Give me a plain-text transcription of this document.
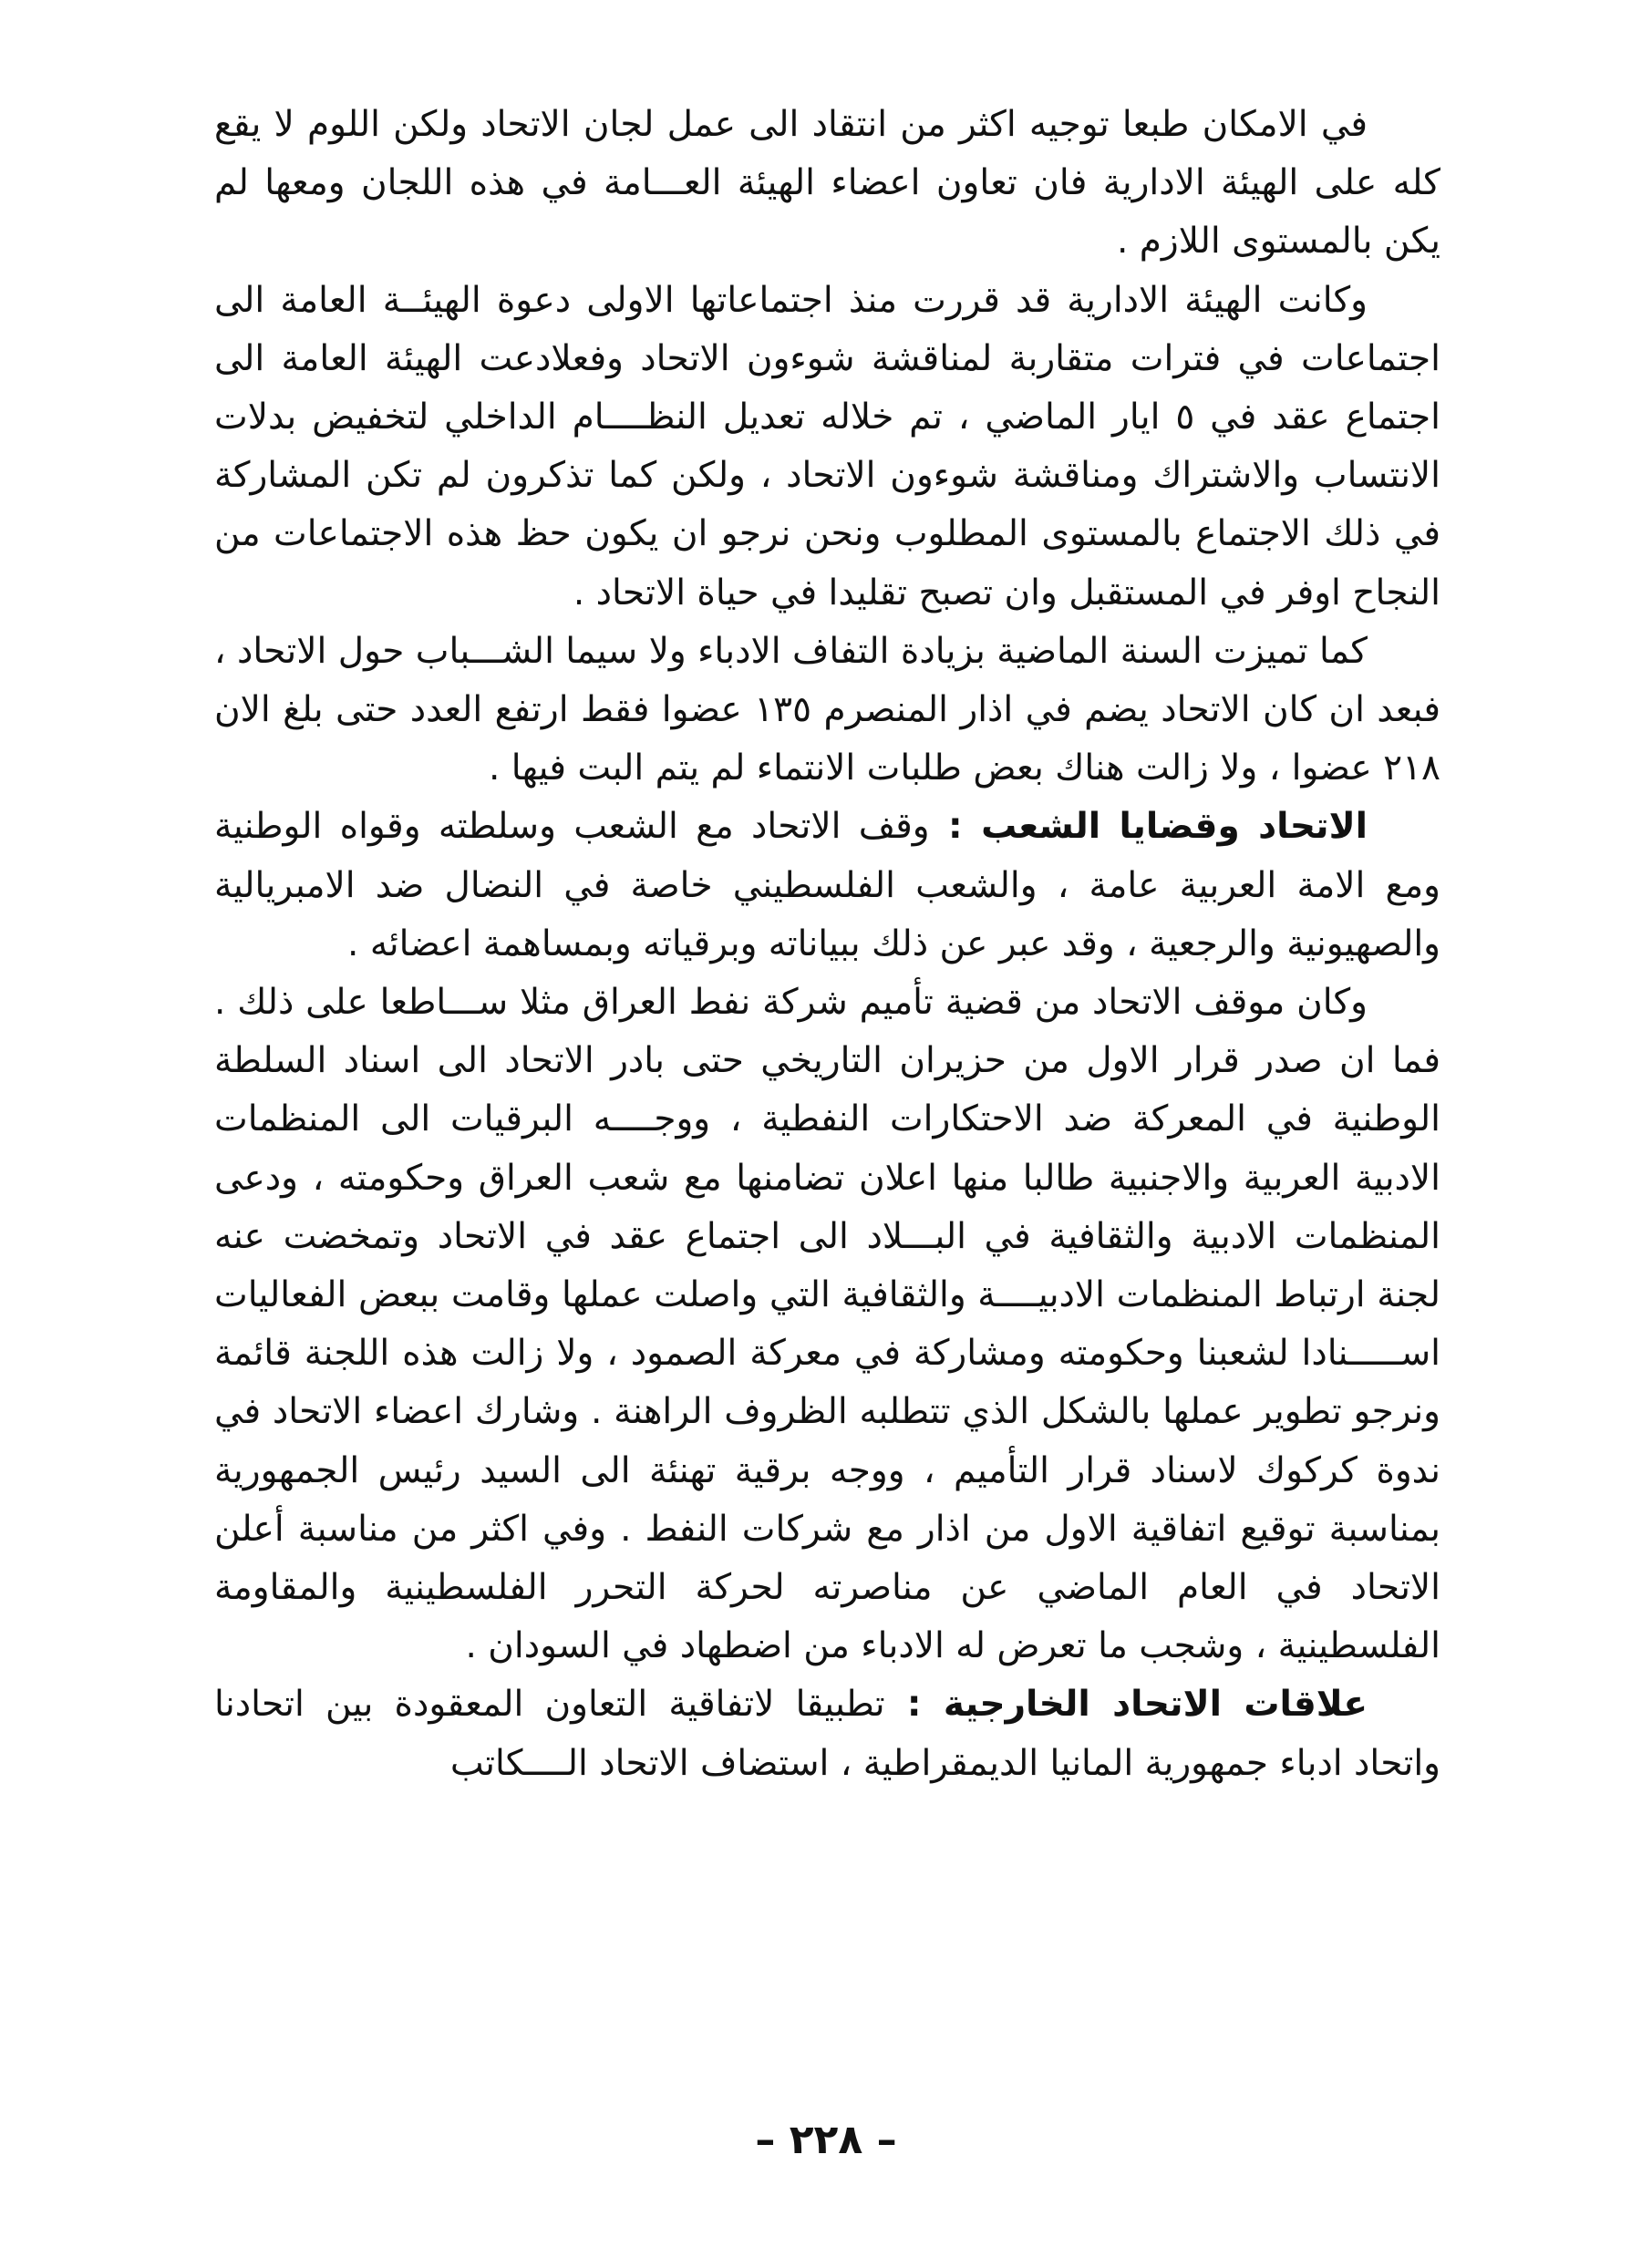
في الامكان طبعا توجيه اكثر من انتقاد الى عمل لجان الاتحاد ولكن اللوم لا يقع كله على الهيئة الادارية فان تعاون اعضاء الهيئة العـــامة في هذه اللجان ومعها لم يكن بالمستوى اللازم .

وكانت الهيئة الادارية قد قررت منذ اجتماعاتها الاولى دعوة الهيئــة العامة الى اجتماعات في فترات متقاربة لمناقشة شوءون الاتحاد وفعلادعت الهيئة العامة الى اجتماع عقد في ٥ ايار الماضي ، تم خلاله تعديل النظــــام الداخلي لتخفيض بدلات الانتساب والاشتراك ومناقشة شوءون الاتحاد ، ولكن كما تذكرون لم تكن المشاركة في ذلك الاجتماع بالمستوى المطلوب ونحن نرجو ان يكون حظ هذه الاجتماعات من النجاح اوفر في المستقبل وان تصبح تقليدا في حياة الاتحاد .

كما تميزت السنة الماضية بزيادة التفاف الادباء ولا سيما الشـــباب حول الاتحاد ، فبعد ان كان الاتحاد يضم في اذار المنصرم ١٣٥ عضوا فقط ارتفع العدد حتى بلغ الان ٢١٨ عضوا ، ولا زالت هناك بعض طلبات الانتماء لم يتم البت فيها .

الاتحاد وقضايا الشعب : وقف الاتحاد مع الشعب وسلطته وقواه الوطنية ومع الامة العربية عامة ، والشعب الفلسطيني خاصة في النضال ضد الامبريالية والصهيونية والرجعية ، وقد عبر عن ذلك ببياناته وبرقياته وبمساهمة اعضائه .

وكان موقف الاتحاد من قضية تأميم شركة نفط العراق مثلا ســـاطعا على ذلك . فما ان صدر قرار الاول من حزيران التاريخي حتى بادر الاتحاد الى اسناد السلطة الوطنية في المعركة ضد الاحتكارات النفطية ، ووجــــه البرقيات الى المنظمات الادبية العربية والاجنبية طالبا منها اعلان تضامنها مع شعب العراق وحكومته ، ودعى المنظمات الادبية والثقافية في البـــلاد الى اجتماع عقد في الاتحاد وتمخضت عنه لجنة ارتباط المنظمات الادبيــــة والثقافية التي واصلت عملها وقامت ببعض الفعاليات اســـــنادا لشعبنا وحكومته ومشاركة في معركة الصمود ، ولا زالت هذه اللجنة قائمة ونرجو تطوير عملها بالشكل الذي تتطلبه الظروف الراهنة . وشارك اعضاء الاتحاد في ندوة كركوك لاسناد قرار التأميم ، ووجه برقية تهنئة الى السيد رئيس الجمهورية بمناسبة توقيع اتفاقية الاول من اذار مع شركات النفط . وفي اكثر من مناسبة أعلن الاتحاد في العام الماضي عن مناصرته لحركة التحرر الفلسطينية والمقاومة الفلسطينية ، وشجب ما تعرض له الادباء من اضطهاد في السودان .

علاقات الاتحاد الخارجية : تطبيقا لاتفاقية التعاون المعقودة بين اتحادنا واتحاد ادباء جمهورية المانيا الديمقراطية ، استضاف الاتحاد الــــكاتب

– ٢٢٨ –
